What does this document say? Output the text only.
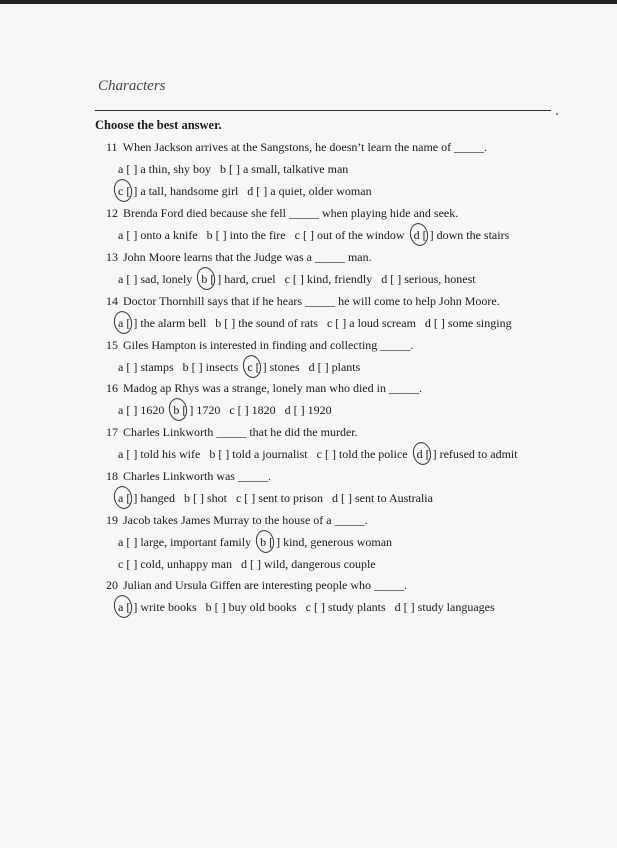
Characters
Choose the best answer.
11 When Jackson arrives at the Sangstons, he doesn’t learn the name of _____.
a [ ] a thin, shy boy b [ ] a small, talkative man
c [ ] a tall, handsome girl d [ ] a quiet, older woman
12 Brenda Ford died because she fell _____ when playing hide and seek.
a [ ] onto a knife b [ ] into the fire c [ ] out of the window d [ ] down the stairs
13 John Moore learns that the Judge was a _____ man.
a [ ] sad, lonely b [ ] hard, cruel c [ ] kind, friendly d [ ] serious, honest
14 Doctor Thornhill says that if he hears _____ he will come to help John Moore.
a [ ] the alarm bell b [ ] the sound of rats c [ ] a loud scream d [ ] some singing
15 Giles Hampton is interested in finding and collecting _____.
a [ ] stamps b [ ] insects c [ ] stones d [ ] plants
16 Madog ap Rhys was a strange, lonely man who died in _____.
a [ ] 1620 b [ ] 1720 c [ ] 1820 d [ ] 1920
17 Charles Linkworth _____ that he did the murder.
a [ ] told his wife b [ ] told a journalist c [ ] told the police d [ ] refused to admit
18 Charles Linkworth was _____.
a [ ] hanged b [ ] shot c [ ] sent to prison d [ ] sent to Australia
19 Jacob takes James Murray to the house of a _____.
a [ ] large, important family b [ ] kind, generous woman
c [ ] cold, unhappy man d [ ] wild, dangerous couple
20 Julian and Ursula Giffen are interesting people who _____.
a [ ] write books b [ ] buy old books c [ ] study plants d [ ] study languages
